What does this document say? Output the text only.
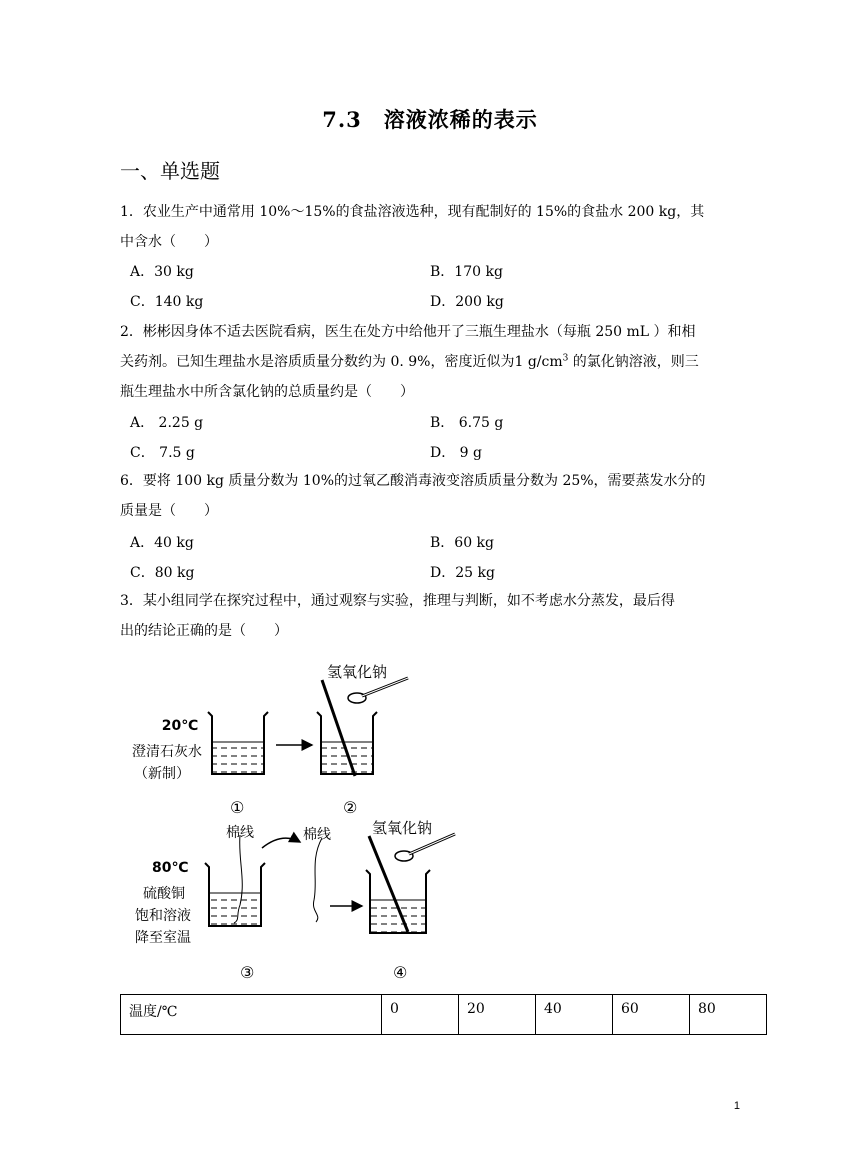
7.3　溶液浓稀的表示
一、单选题
1．农业生产中通常用 10%～15%的食盐溶液选种，现有配制好的 15%的食盐水 200 kg，其
中含水（　　）
A．30 kg	B．170 kg
C．140 kg	D．200 kg
2．彬彬因身体不适去医院看病，医生在处方中给他开了三瓶生理盐水（每瓶 250 mL ）和相
关药剂。已知生理盐水是溶质质量分数约为 0. 9%，密度近似为1 $g/cm^3$ 的氯化钠溶液，则三
瓶生理盐水中所含氯化钠的总质量约是（　　）
A． 2.25 g	B． 6.75 g
C． 7.5 g	D． 9 g
6．要将 100 kg 质量分数为 10%的过氧乙酸消毒液变溶质质量分数为 25%，需要蒸发水分的
质量是（　　）
A．40 kg	B．60 kg
C．80 kg	D．25 kg
3．某小组同学在探究过程中，通过观察与实验，推理与判断，如不考虑水分蒸发，最后得
出的结论正确的是（　　）
氢氧化钠
20℃
澄清石灰水
（新制）
①	②
棉线	棉线	氢氧化钠
80℃
硫酸铜
饱和溶液
降至室温
③	④
温度/℃	0	20	40	60	80
1
